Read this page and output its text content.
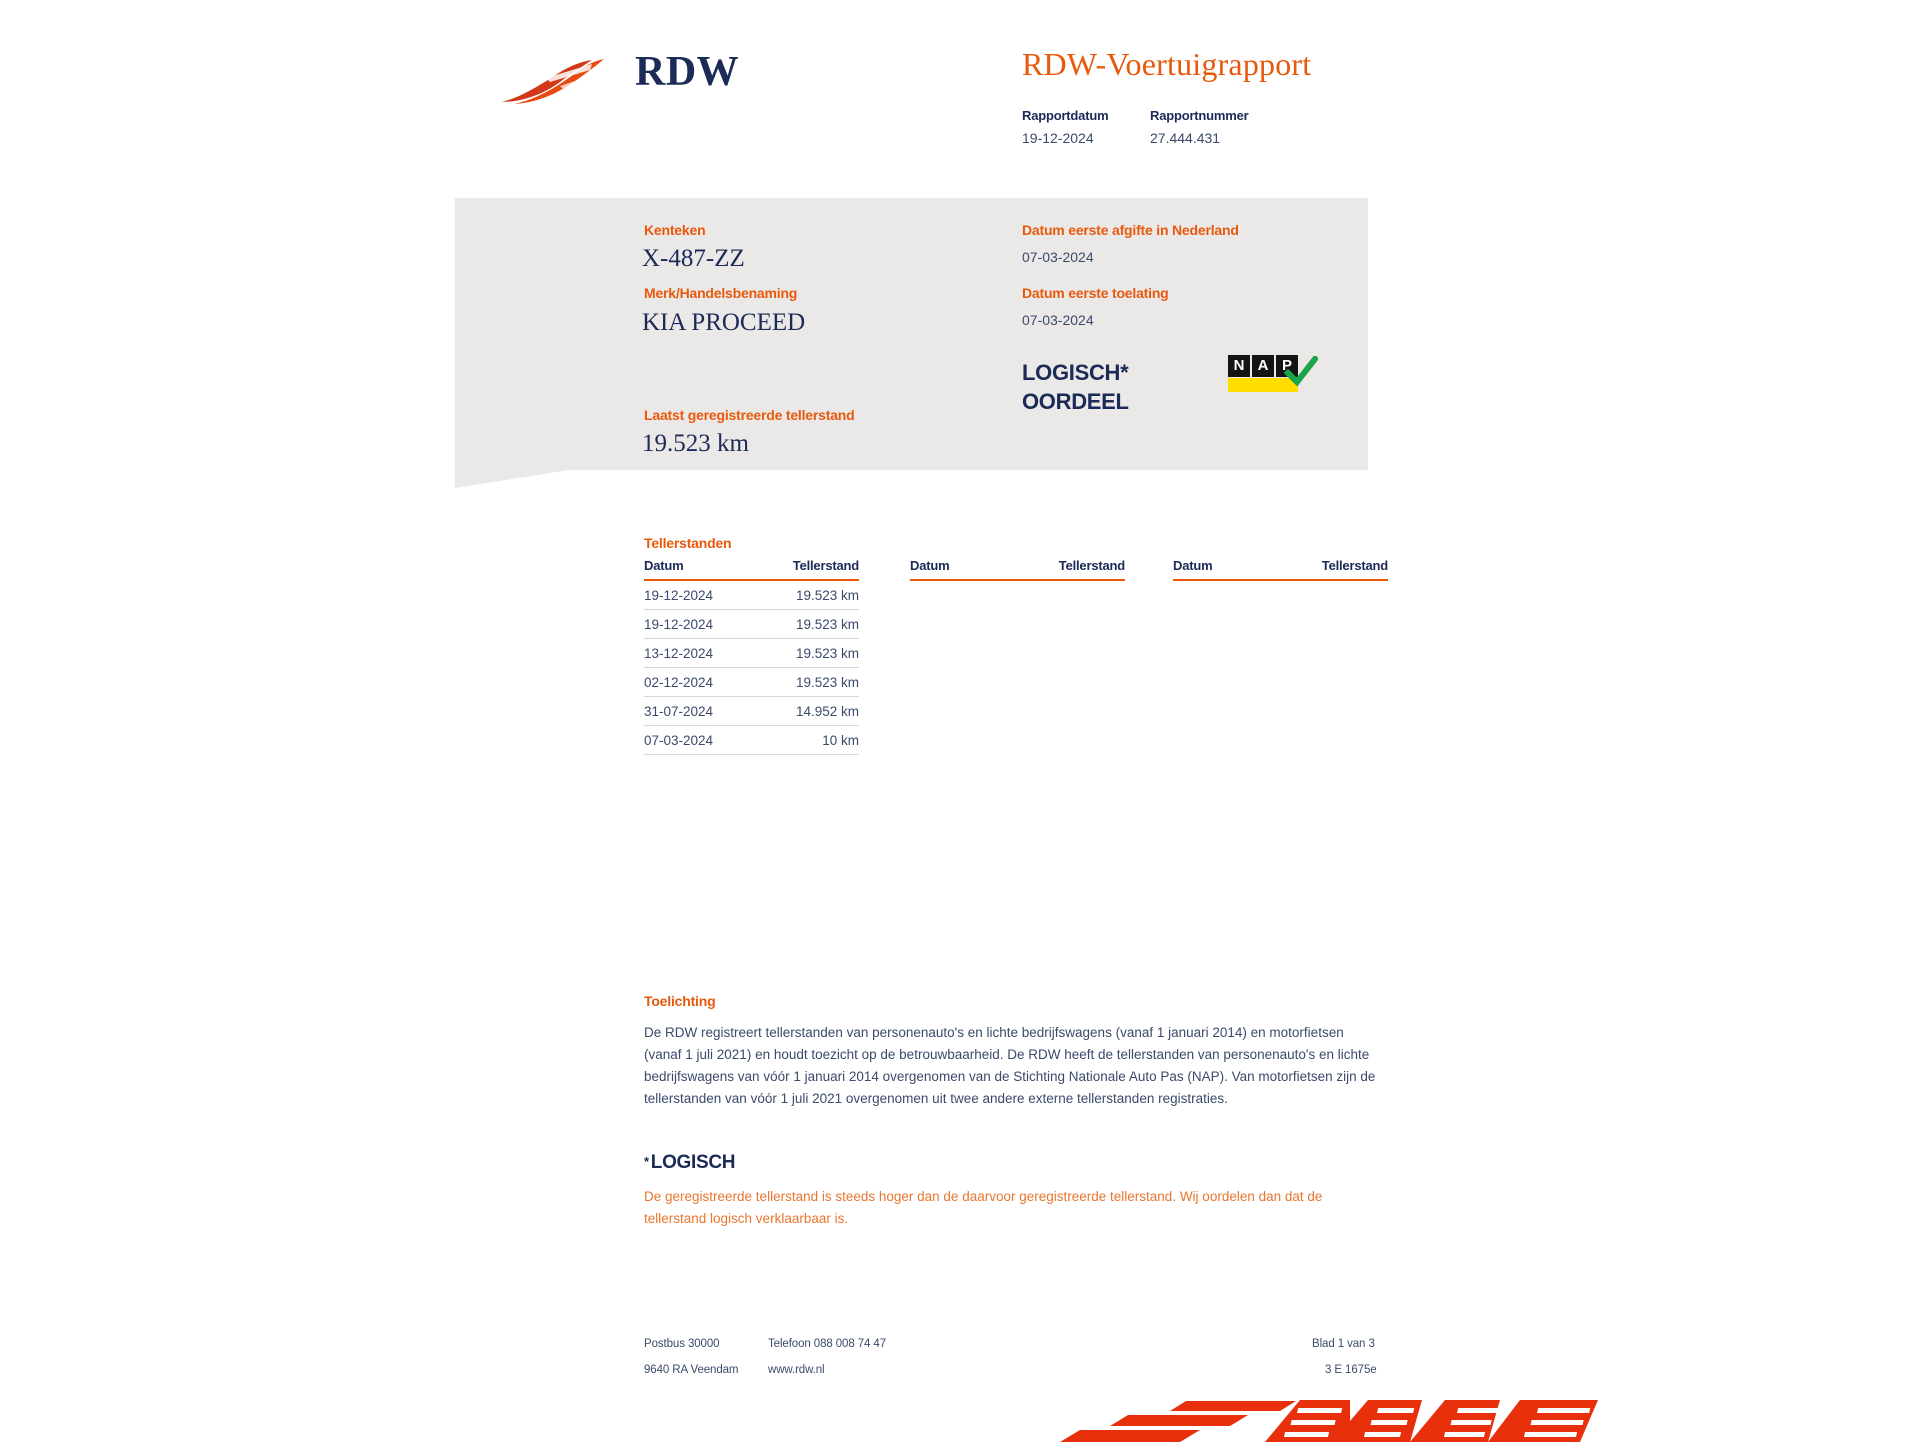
RDW	RDW-Voertuigrapport
Rapportdatum
19-12-2024
Rapportnummer
27.444.431
Kenteken
X-487-ZZ
Merk/Handelsbenaming
KIA PROCEED
Laatst geregistreerde tellerstand
19.523 km
Datum eerste afgifte in Nederland
07-03-2024
Datum eerste toelating
07-03-2024
LOGISCH*
OORDEEL
N A P
Tellerstanden
Datum	Tellerstand
19-12-2024	19.523 km
19-12-2024	19.523 km
13-12-2024	19.523 km
02-12-2024	19.523 km
31-07-2024	14.952 km
07-03-2024	10 km
Datum	Tellerstand	Datum	Tellerstand
Toelichting
De RDW registreert tellerstanden van personenauto's en lichte bedrijfswagens (vanaf 1 januari 2014) en motorfietsen (vanaf 1 juli 2021) en houdt toezicht op de betrouwbaarheid. De RDW heeft de tellerstanden van personenauto's en lichte bedrijfswagens van vóór 1 januari 2014 overgenomen van de Stichting Nationale Auto Pas (NAP). Van motorfietsen zijn de tellerstanden van vóór 1 juli 2021 overgenomen uit twee andere externe tellerstanden registraties.
* LOGISCH
De geregistreerde tellerstand is steeds hoger dan de daarvoor geregistreerde tellerstand. Wij oordelen dan dat de tellerstand logisch verklaarbaar is.
Postbus 30000
9640 RA Veendam
Telefoon 088 008 74 47
www.rdw.nl
Blad 1 van 3
3 E 1675e
